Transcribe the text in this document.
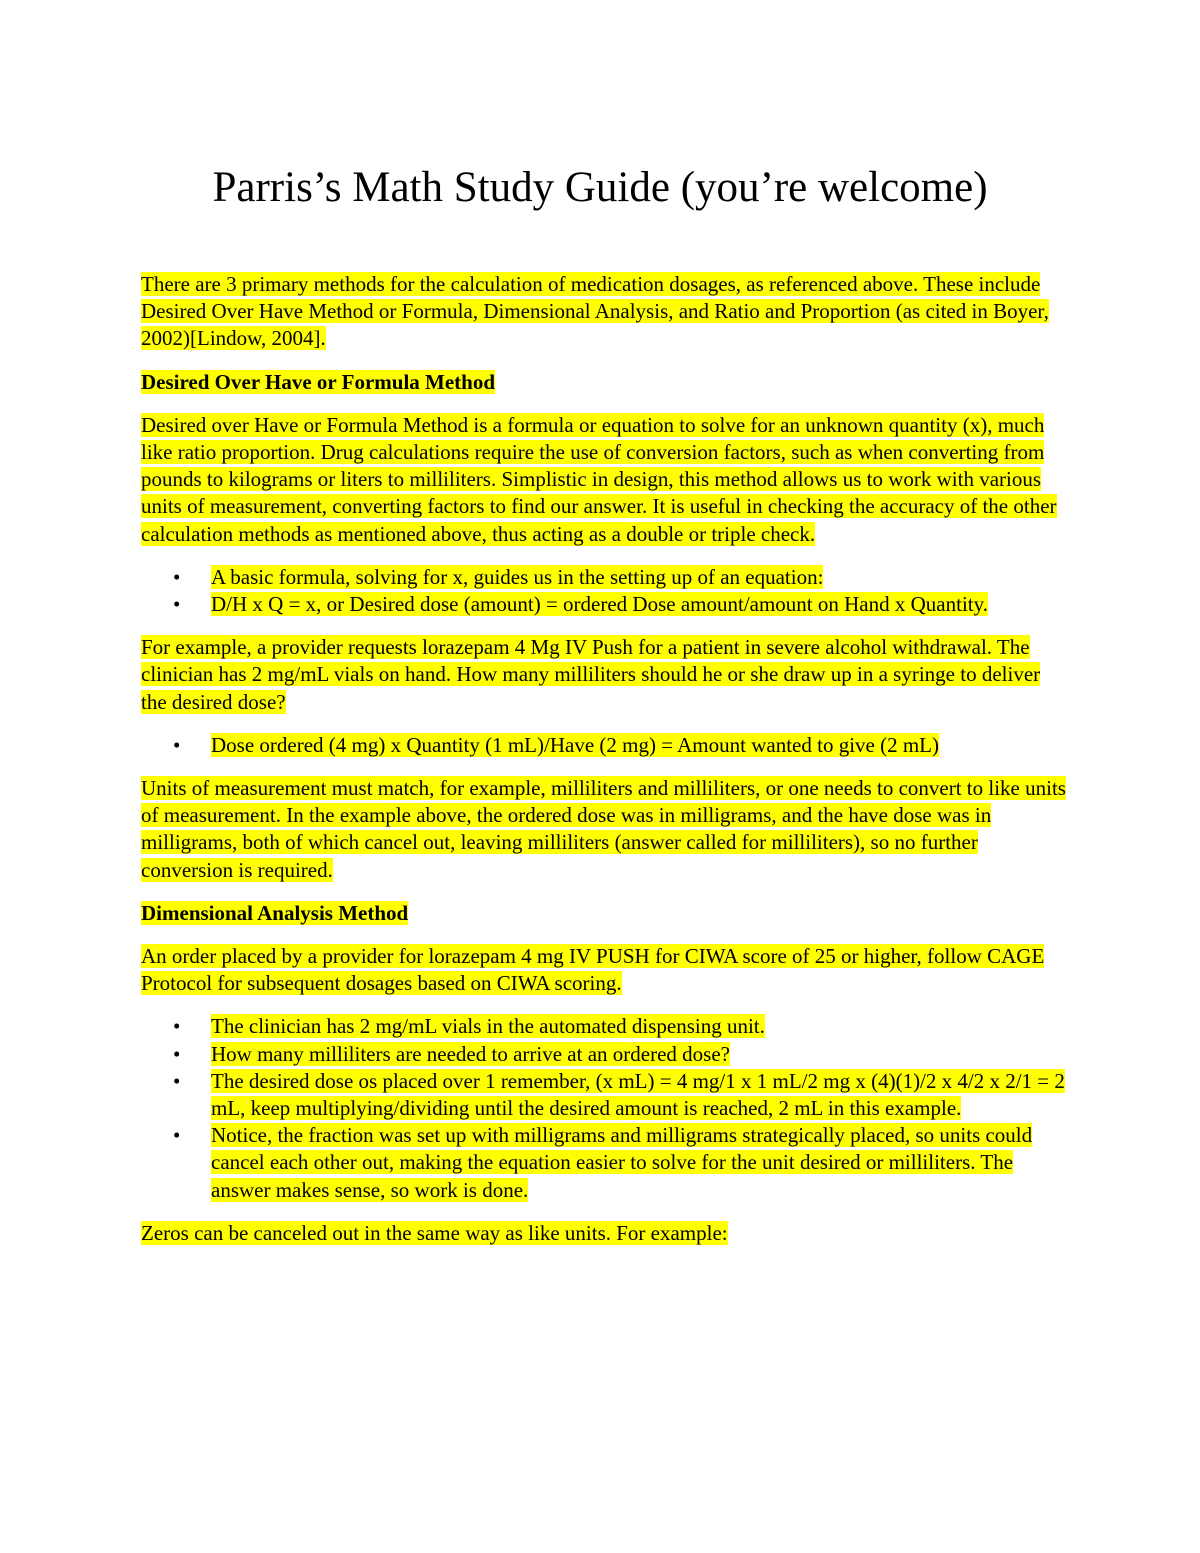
Parris’s Math Study Guide (you’re welcome)

There are 3 primary methods for the calculation of medication dosages, as referenced above. These include Desired Over Have Method or Formula, Dimensional Analysis, and Ratio and Proportion (as cited in Boyer, 2002)[Lindow, 2004].

Desired Over Have or Formula Method

Desired over Have or Formula Method is a formula or equation to solve for an unknown quantity (x), much like ratio proportion. Drug calculations require the use of conversion factors, such as when converting from pounds to kilograms or liters to milliliters. Simplistic in design, this method allows us to work with various units of measurement, converting factors to find our answer. It is useful in checking the accuracy of the other calculation methods as mentioned above, thus acting as a double or triple check.

• A basic formula, solving for x, guides us in the setting up of an equation:
• D/H x Q = x, or Desired dose (amount) = ordered Dose amount/amount on Hand x Quantity.

For example, a provider requests lorazepam 4 Mg IV Push for a patient in severe alcohol withdrawal. The clinician has 2 mg/mL vials on hand. How many milliliters should he or she draw up in a syringe to deliver the desired dose?

• Dose ordered (4 mg) x Quantity (1 mL)/Have (2 mg) = Amount wanted to give (2 mL)

Units of measurement must match, for example, milliliters and milliliters, or one needs to convert to like units of measurement. In the example above, the ordered dose was in milligrams, and the have dose was in milligrams, both of which cancel out, leaving milliliters (answer called for milliliters), so no further conversion is required.

Dimensional Analysis Method

An order placed by a provider for lorazepam 4 mg IV PUSH for CIWA score of 25 or higher, follow CAGE Protocol for subsequent dosages based on CIWA scoring.

• The clinician has 2 mg/mL vials in the automated dispensing unit.
• How many milliliters are needed to arrive at an ordered dose?
• The desired dose os placed over 1 remember, (x mL) = 4 mg/1 x 1 mL/2 mg x (4)(1)/2 x 4/2 x 2/1 = 2 mL, keep multiplying/dividing until the desired amount is reached, 2 mL in this example.
• Notice, the fraction was set up with milligrams and milligrams strategically placed, so units could cancel each other out, making the equation easier to solve for the unit desired or milliliters. The answer makes sense, so work is done.

Zeros can be canceled out in the same way as like units. For example:
